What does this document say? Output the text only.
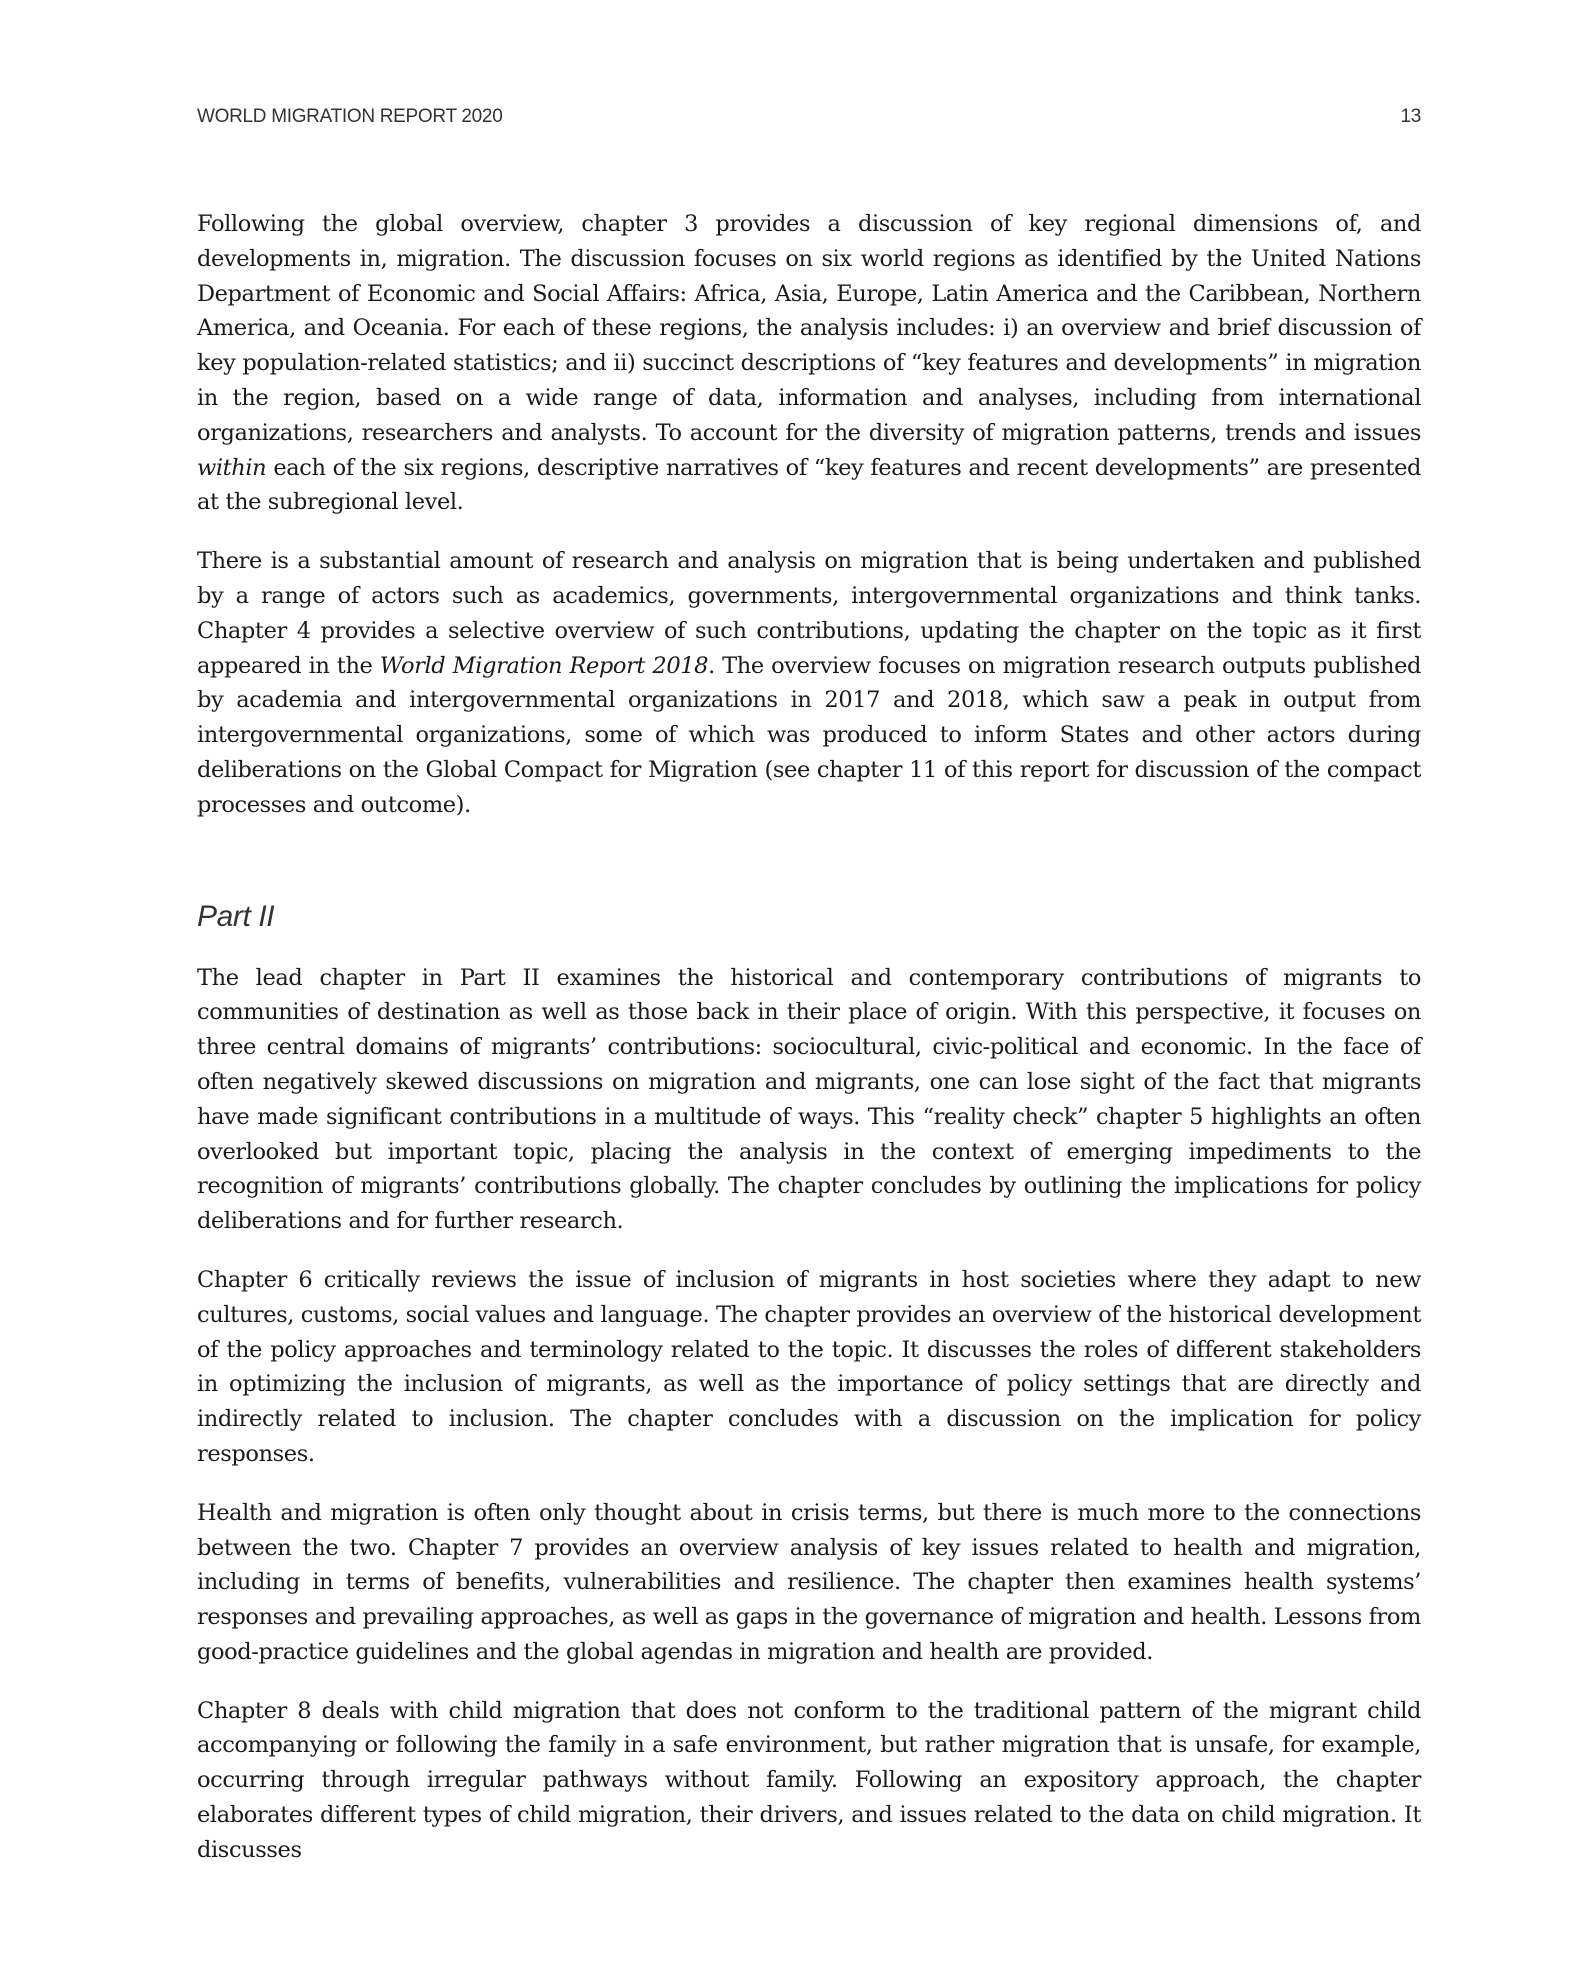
WORLD MIGRATION REPORT 2020	13

Following the global overview, chapter 3 provides a discussion of key regional dimensions of, and developments in, migration. The discussion focuses on six world regions as identified by the United Nations Department of Economic and Social Affairs: Africa, Asia, Europe, Latin America and the Caribbean, Northern America, and Oceania. For each of these regions, the analysis includes: i) an overview and brief discussion of key population-related statistics; and ii) succinct descriptions of “key features and developments” in migration in the region, based on a wide range of data, information and analyses, including from international organizations, researchers and analysts. To account for the diversity of migration patterns, trends and issues within each of the six regions, descriptive narratives of “key features and recent developments” are presented at the subregional level.

There is a substantial amount of research and analysis on migration that is being undertaken and published by a range of actors such as academics, governments, intergovernmental organizations and think tanks. Chapter 4 provides a selective overview of such contributions, updating the chapter on the topic as it first appeared in the World Migration Report 2018. The overview focuses on migration research outputs published by academia and intergovernmental organizations in 2017 and 2018, which saw a peak in output from intergovernmental organizations, some of which was produced to inform States and other actors during deliberations on the Global Compact for Migration (see chapter 11 of this report for discussion of the compact processes and outcome).

Part II

The lead chapter in Part II examines the historical and contemporary contributions of migrants to communities of destination as well as those back in their place of origin. With this perspective, it focuses on three central domains of migrants’ contributions: sociocultural, civic-political and economic. In the face of often negatively skewed discussions on migration and migrants, one can lose sight of the fact that migrants have made significant contributions in a multitude of ways. This “reality check” chapter 5 highlights an often overlooked but important topic, placing the analysis in the context of emerging impediments to the recognition of migrants’ contributions globally. The chapter concludes by outlining the implications for policy deliberations and for further research.

Chapter 6 critically reviews the issue of inclusion of migrants in host societies where they adapt to new cultures, customs, social values and language. The chapter provides an overview of the historical development of the policy approaches and terminology related to the topic. It discusses the roles of different stakeholders in optimizing the inclusion of migrants, as well as the importance of policy settings that are directly and indirectly related to inclusion. The chapter concludes with a discussion on the implication for policy responses.

Health and migration is often only thought about in crisis terms, but there is much more to the connections between the two. Chapter 7 provides an overview analysis of key issues related to health and migration, including in terms of benefits, vulnerabilities and resilience. The chapter then examines health systems’ responses and prevailing approaches, as well as gaps in the governance of migration and health. Lessons from good-practice guidelines and the global agendas in migration and health are provided.

Chapter 8 deals with child migration that does not conform to the traditional pattern of the migrant child accompanying or following the family in a safe environment, but rather migration that is unsafe, for example, occurring through irregular pathways without family. Following an expository approach, the chapter elaborates different types of child migration, their drivers, and issues related to the data on child migration. It discusses
